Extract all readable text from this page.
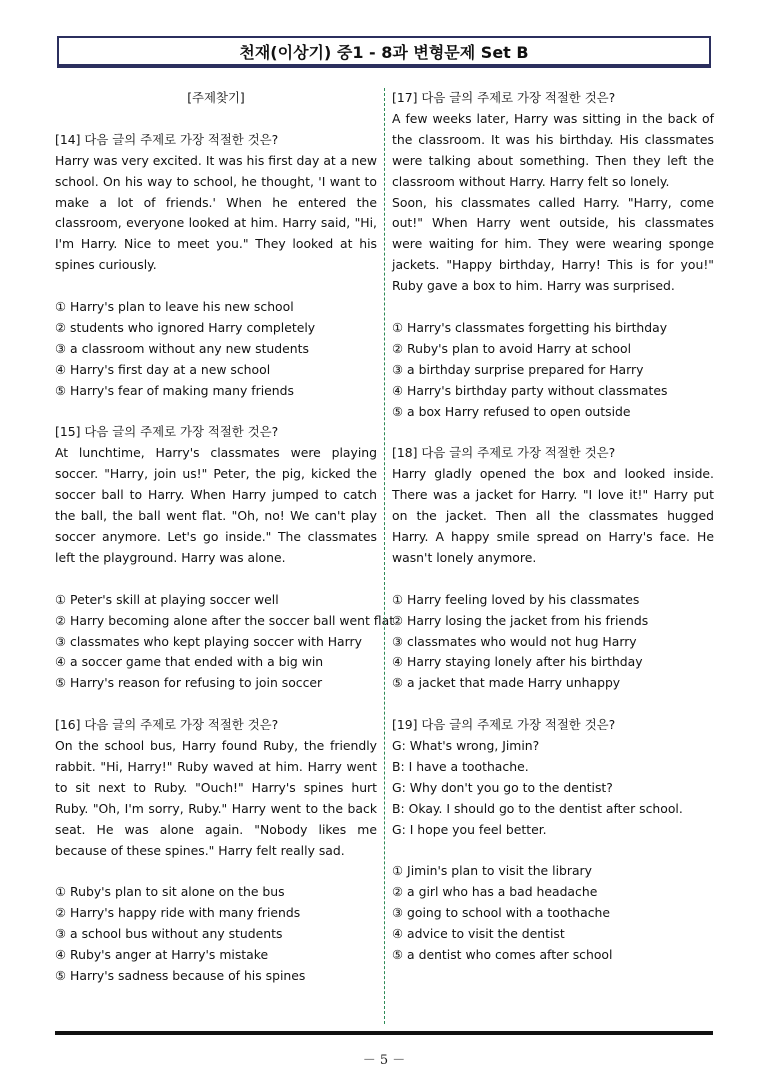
천재(이상기) 중1 - 8과 변형문제 Set B
[주제찾기]
[14] 다음 글의 주제로 가장 적절한 것은?
Harry was very excited. It was his first day at a new school. On his way to school, he thought, 'I want to make a lot of friends.' When he entered the classroom, everyone looked at him. Harry said, "Hi, I'm Harry. Nice to meet you." They looked at his spines curiously.
① Harry's plan to leave his new school
② students who ignored Harry completely
③ a classroom without any new students
④ Harry's first day at a new school
⑤ Harry's fear of making many friends
[15] 다음 글의 주제로 가장 적절한 것은?
At lunchtime, Harry's classmates were playing soccer. "Harry, join us!" Peter, the pig, kicked the soccer ball to Harry. When Harry jumped to catch the ball, the ball went flat. "Oh, no! We can't play soccer anymore. Let's go inside." The classmates left the playground. Harry was alone.
① Peter's skill at playing soccer well
② Harry becoming alone after the soccer ball went flat
③ classmates who kept playing soccer with Harry
④ a soccer game that ended with a big win
⑤ Harry's reason for refusing to join soccer
[16] 다음 글의 주제로 가장 적절한 것은?
On the school bus, Harry found Ruby, the friendly rabbit. "Hi, Harry!" Ruby waved at him. Harry went to sit next to Ruby. "Ouch!" Harry's spines hurt Ruby. "Oh, I'm sorry, Ruby." Harry went to the back seat. He was alone again. "Nobody likes me because of these spines." Harry felt really sad.
① Ruby's plan to sit alone on the bus
② Harry's happy ride with many friends
③ a school bus without any students
④ Ruby's anger at Harry's mistake
⑤ Harry's sadness because of his spines
[17] 다음 글의 주제로 가장 적절한 것은?
A few weeks later, Harry was sitting in the back of the classroom. It was his birthday. His classmates were talking about something. Then they left the classroom without Harry. Harry felt so lonely.
Soon, his classmates called Harry. "Harry, come out!" When Harry went outside, his classmates were waiting for him. They were wearing sponge jackets. "Happy birthday, Harry! This is for you!" Ruby gave a box to him. Harry was surprised.
① Harry's classmates forgetting his birthday
② Ruby's plan to avoid Harry at school
③ a birthday surprise prepared for Harry
④ Harry's birthday party without classmates
⑤ a box Harry refused to open outside
[18] 다음 글의 주제로 가장 적절한 것은?
Harry gladly opened the box and looked inside. There was a jacket for Harry. "I love it!" Harry put on the jacket. Then all the classmates hugged Harry. A happy smile spread on Harry's face. He wasn't lonely anymore.
① Harry feeling loved by his classmates
② Harry losing the jacket from his friends
③ classmates who would not hug Harry
④ Harry staying lonely after his birthday
⑤ a jacket that made Harry unhappy
[19] 다음 글의 주제로 가장 적절한 것은?
G: What's wrong, Jimin?
B: I have a toothache.
G: Why don't you go to the dentist?
B: Okay. I should go to the dentist after school.
G: I hope you feel better.
① Jimin's plan to visit the library
② a girl who has a bad headache
③ going to school with a toothache
④ advice to visit the dentist
⑤ a dentist who comes after school
－ 5 －
